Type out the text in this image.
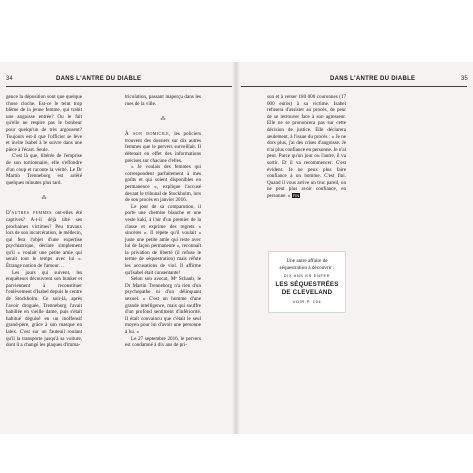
34	DANS L'ANTRE DU DIABLE

gence la déposition sont que quelque chose cloche. Est-ce le teint trop blême de la jeune femme, qui trahit une angoisse entrée? Ou le fait qu'elle ne respire pas le bonheur pour quelqu'un de très argousent? Toujours est-il que l'officier se lève et invite Isabel à le suivre dans une pièce à l'écart. Seule.

C'est là que, libérée de l'emprise de son tortionnaire, elle s'effondre d'un coup et raconte la vérité. Le Dr Martin Trenneborg est arrêté quelques minutes plus tard.

⁂

D'autres femmes ont-elles été captives? A-t-il déjà tilté ses prochaines victimes? Peu travaux lors de son incarcération, le médecin, qui fera l'objet d'une expertise psychiatrique, déclare simplement qu'il « voulait une petite amie qui serait tout le temps avec lui ». Étrange notion de l'amour…

Les jours qui suivent, les enquêteurs découvrent son bunker et parviennent à reconstituer l'enlèvement d'Isabel depuis le centre de Stockholm. Ce soir-là, après l'avoir droguée, Trenneborg l'avait habillée en vieille dame, puis s'était habitué déguisé en un inoffensif grand-père, grâce à son masque en latex. C'est sur un fauteuil roulant qu'il la transporte jusqu'à sa voiture, dont il a changé les plaques d'imma-

triculation, passant inaperçu dans les rues de la ville.

⁂

À son domicile, les policiers trouvent des dossiers sur dix autres femmes que le pervers surveillait. Il détenait en effet des informations précises sur chacune d'elles.

« Je voulais des femmes qui correspondent parfaitement à mes goûts et qui soient disponibles en permanence », explique l'accusé devant le tribunal de Stockholm, lors de son procès en janvier 2016.

Le jour de sa comparution, il porte une chemise blanche et une veste kaki, à l'air d'un premier de la classe et exprime des regrets « sincères ». Il répète qu'il voulait « juste une petite amie qui reste avec lui de façon permanente », reconnaît la privation de liberté (il refuse le terme de séquestration) mais réfute les accusations de viol. Il affirme qu'Isabel était consentante!

Selon son avocat, Mᵉ Schaub, le Dr Martin Trenneborg n'a rien d'un psychopathe ni d'un délinquant sexuel. « C'est un homme d'une grande intelligence, mais qui souffre d'un profond sentiment d'infériorité. Il était convaincu que c'était le seul moyen pour lui d'avoir une personne à lui. »

Le 27 septembre 2016, le pervers est condamné à dix ans de pri-

DANS L'ANTRE DU DIABLE	35

son et à verser 180 000 couronnes (17 000 euros) à sa victime. Isabel refusera d'assister au procès, de peur de se retrouver face à son agresseur. Elle ne se prononcera pas sur cette décision de justice. Elle déclarera seulement, à l'issue du procès : « Je ne dors plus, j'ai des crises d'angoisse. Je n'ai plus confiance en personne. Je n'ai peut. Parce qu'un jour ou l'autre, il va sortir. Et il va recommencer. C'est évident. Je ne peux plus faire confiance à un homme. C'est fini. Quand il vous arrive un truc pareil, on ne peut plus avoir confiance, en personne. » FIN

Une autre affaire de séquestration à découvrir :
DIX ANS EN ENFER
LES SÉQUESTRÉES
DE CLEVELAND
VOIR P. 104
